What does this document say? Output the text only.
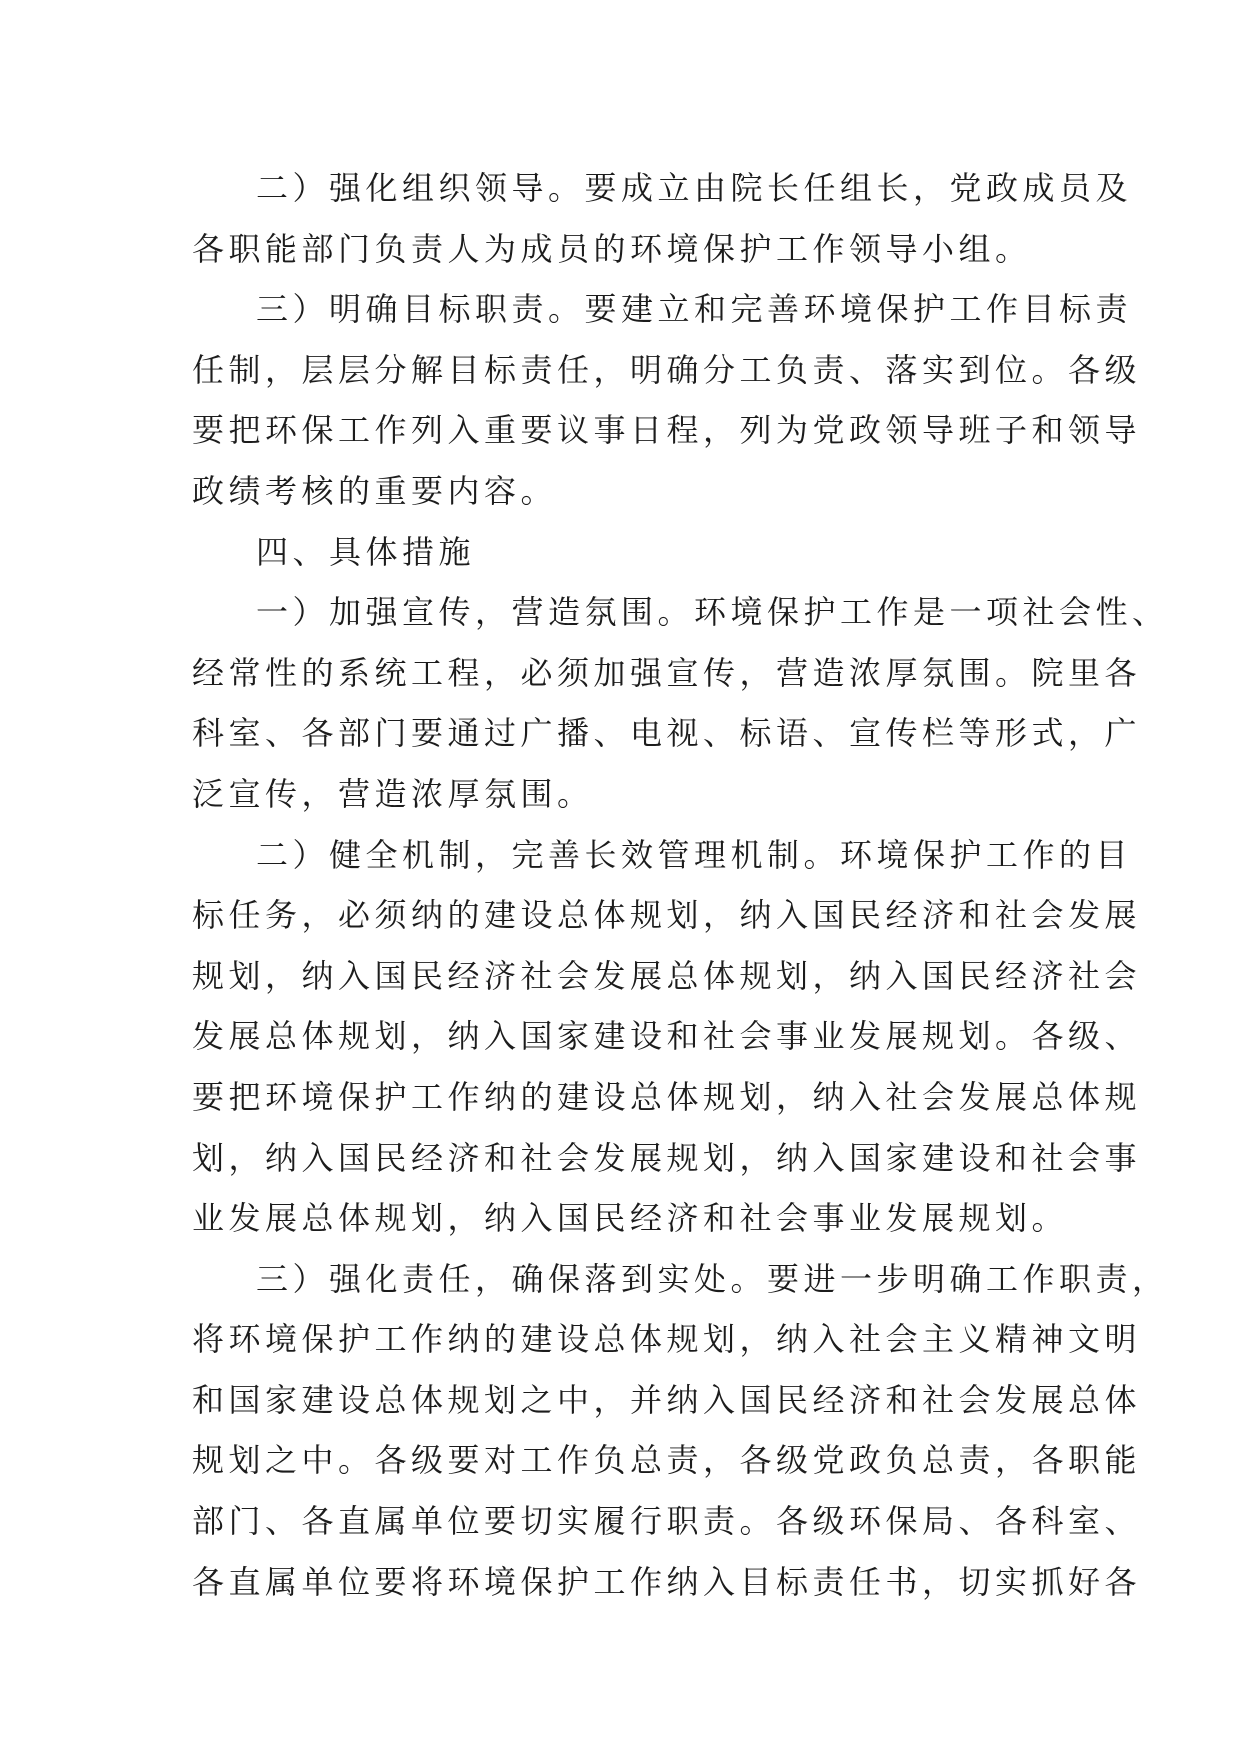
二）强化组织领导。要成立由院长任组长，党政成员及
各职能部门负责人为成员的环境保护工作领导小组。
三）明确目标职责。要建立和完善环境保护工作目标责
任制，层层分解目标责任，明确分工负责、落实到位。各级
要把环保工作列入重要议事日程，列为党政领导班子和领导
政绩考核的重要内容。
四、具体措施
一）加强宣传，营造氛围。环境保护工作是一项社会性、
经常性的系统工程，必须加强宣传，营造浓厚氛围。院里各
科室、各部门要通过广播、电视、标语、宣传栏等形式，广
泛宣传，营造浓厚氛围。
二）健全机制，完善长效管理机制。环境保护工作的目
标任务，必须纳的建设总体规划，纳入国民经济和社会发展
规划，纳入国民经济社会发展总体规划，纳入国民经济社会
发展总体规划，纳入国家建设和社会事业发展规划。各级、
要把环境保护工作纳的建设总体规划，纳入社会发展总体规
划，纳入国民经济和社会发展规划，纳入国家建设和社会事
业发展总体规划，纳入国民经济和社会事业发展规划。
三）强化责任，确保落到实处。要进一步明确工作职责，
将环境保护工作纳的建设总体规划，纳入社会主义精神文明
和国家建设总体规划之中，并纳入国民经济和社会发展总体
规划之中。各级要对工作负总责，各级党政负总责，各职能
部门、各直属单位要切实履行职责。各级环保局、各科室、
各直属单位要将环境保护工作纳入目标责任书，切实抓好各
